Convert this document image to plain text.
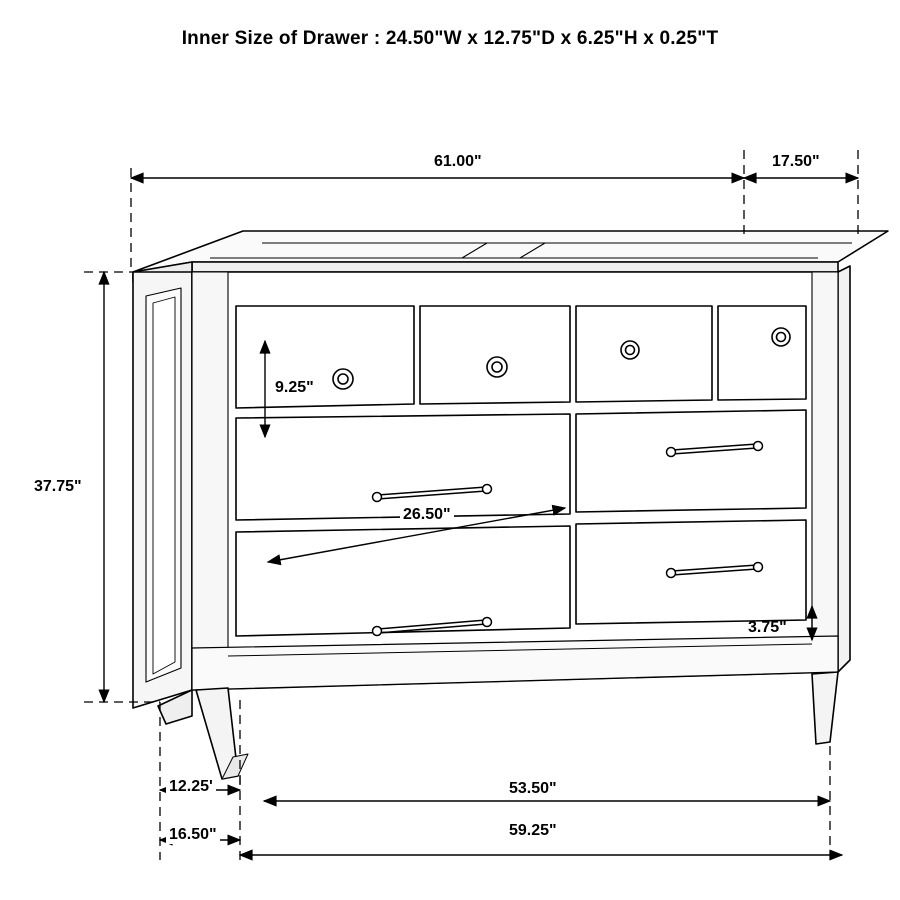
Inner Size of Drawer : 24.50"W x 12.75"D x 6.25"H x 0.25"T
61.00"	17.50"
37.75"
9.25"
26.50"
3.75"
12.25'	53.50"
16.50"	59.25"
